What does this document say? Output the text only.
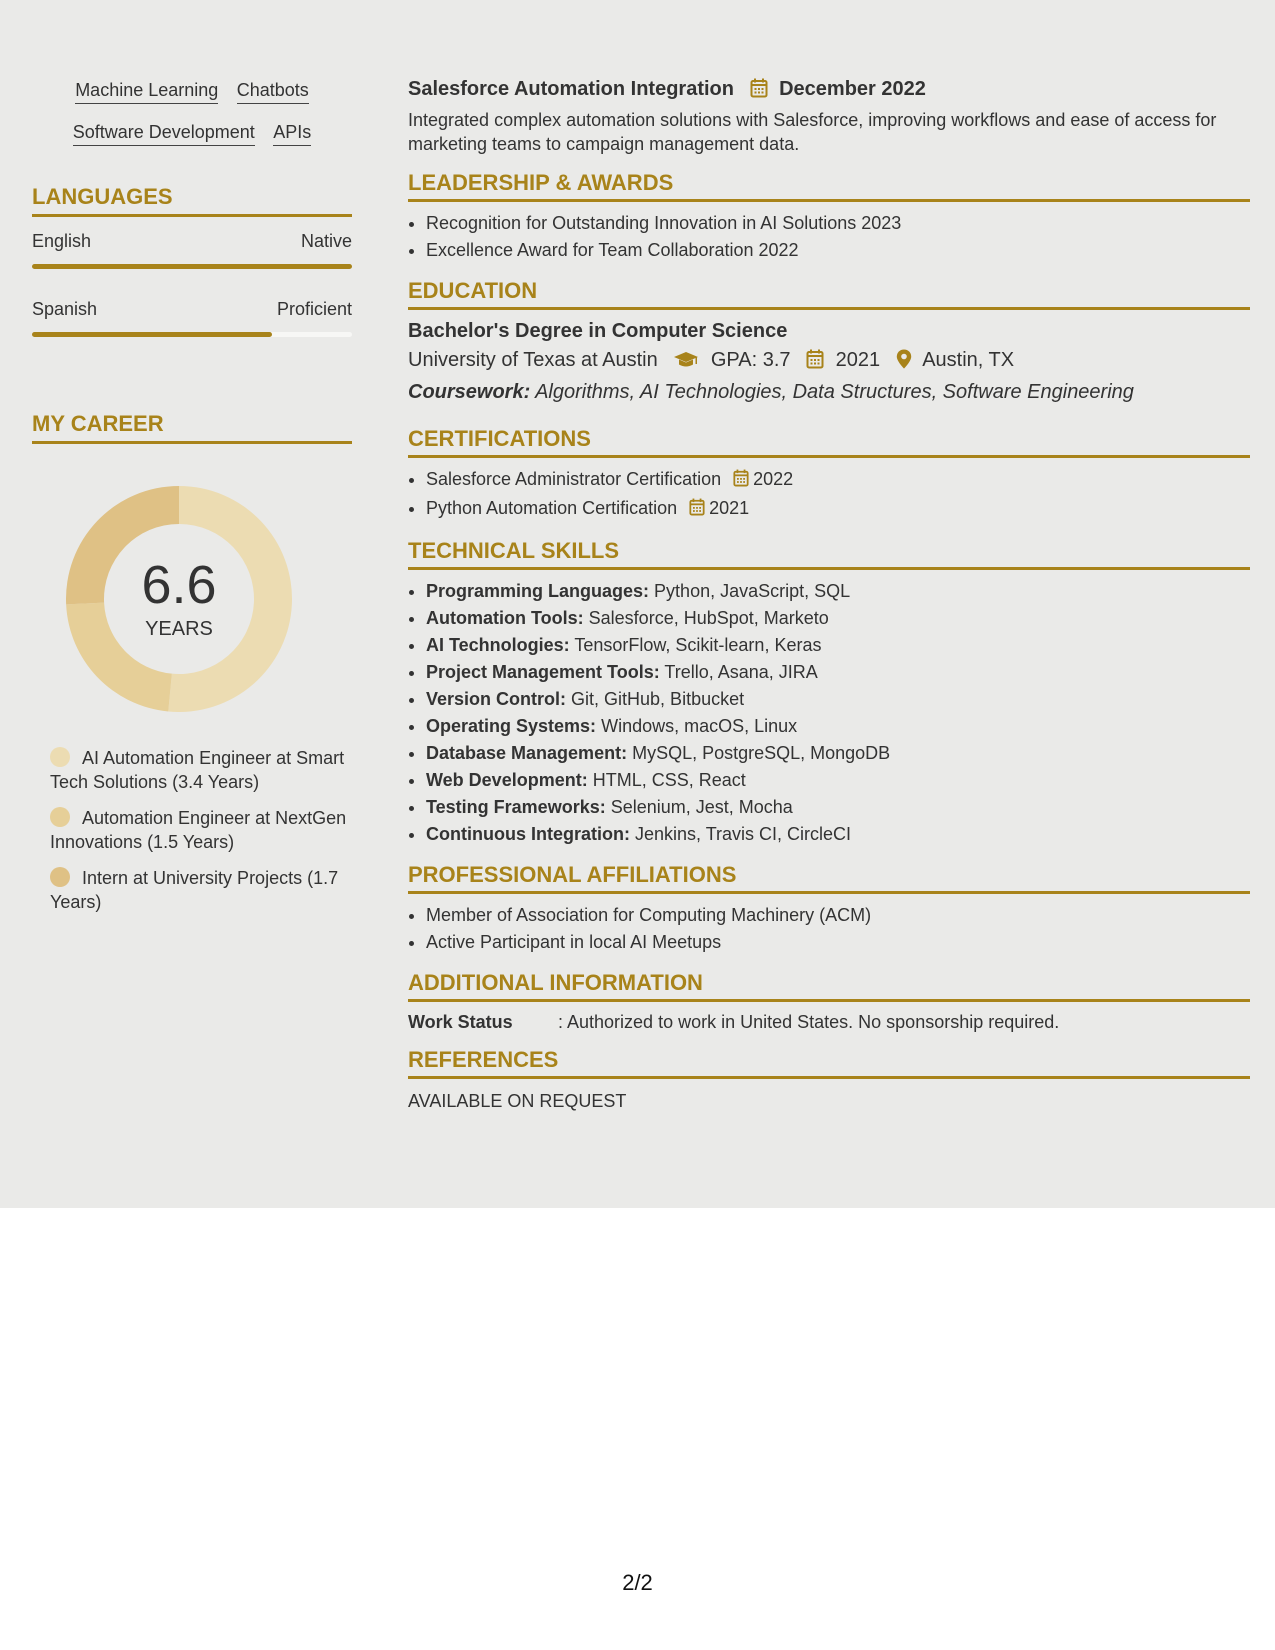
Machine Learning Chatbots
Software Development APIs
LANGUAGES
English	Native
Spanish	Proficient
MY CAREER
6.6
YEARS
AI Automation Engineer at Smart Tech Solutions (3.4 Years)
Automation Engineer at NextGen Innovations (1.5 Years)
Intern at University Projects (1.7 Years)
Salesforce Automation Integration December 2022
Integrated complex automation solutions with Salesforce, improving workflows and ease of access for marketing teams to campaign management data.
LEADERSHIP & AWARDS
• Recognition for Outstanding Innovation in AI Solutions 2023
• Excellence Award for Team Collaboration 2022
EDUCATION
Bachelor's Degree in Computer Science
University of Texas at Austin	GPA: 3.7 2021 Austin, TX
Coursework: Algorithms, AI Technologies, Data Structures, Software Engineering
CERTIFICATIONS
• Salesforce Administrator Certification 2022
• Python Automation Certification 2021
TECHNICAL SKILLS
• Programming Languages: Python, JavaScript, SQL
• Automation Tools: Salesforce, HubSpot, Marketo
• AI Technologies: TensorFlow, Scikit-learn, Keras
• Project Management Tools: Trello, Asana, JIRA
• Version Control: Git, GitHub, Bitbucket
• Operating Systems: Windows, macOS, Linux
• Database Management: MySQL, PostgreSQL, MongoDB
• Web Development: HTML, CSS, React
• Testing Frameworks: Selenium, Jest, Mocha
• Continuous Integration: Jenkins, Travis CI, CircleCI
PROFESSIONAL AFFILIATIONS
• Member of Association for Computing Machinery (ACM)
• Active Participant in local AI Meetups
ADDITIONAL INFORMATION
Work Status	: Authorized to work in United States. No sponsorship required.
REFERENCES
AVAILABLE ON REQUEST
2/2
